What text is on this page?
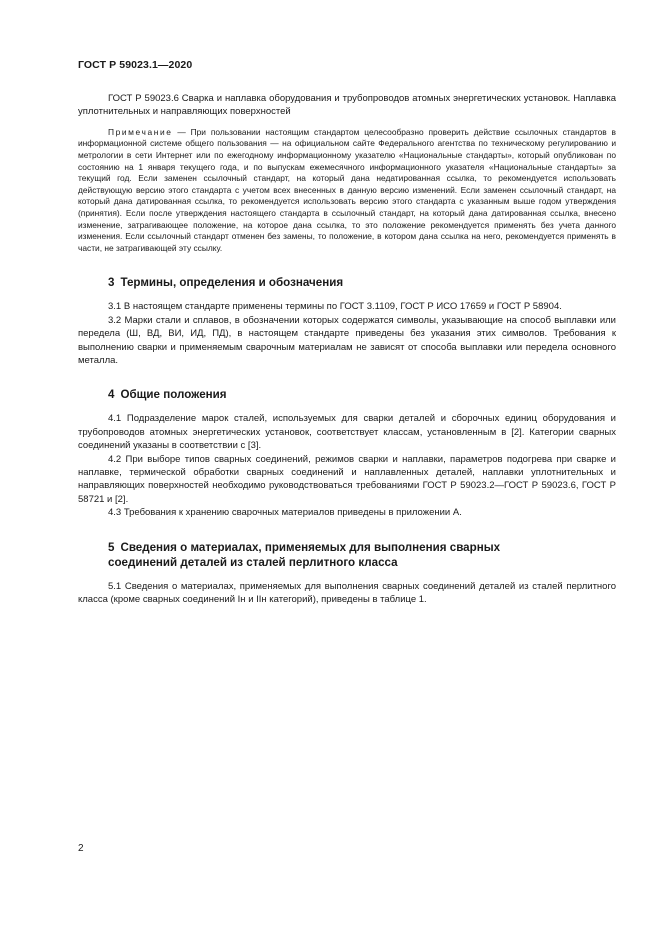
ГОСТ Р 59023.1—2020

ГОСТ Р 59023.6 Сварка и наплавка оборудования и трубопроводов атомных энергетических установок. Наплавка уплотнительных и направляющих поверхностей

Примечание — При пользовании настоящим стандартом целесообразно проверить действие ссылочных стандартов в информационной системе общего пользования — на официальном сайте Федерального агентства по техническому регулированию и метрологии в сети Интернет или по ежегодному информационному указателю «Национальные стандарты», который опубликован по состоянию на 1 января текущего года, и по выпускам ежемесячного информационного указателя «Национальные стандарты» за текущий год. Если заменен ссылочный стандарт, на который дана недатированная ссылка, то рекомендуется использовать действующую версию этого стандарта с учетом всех внесенных в данную версию изменений. Если заменен ссылочный стандарт, на который дана датированная ссылка, то рекомендуется использовать версию этого стандарта с указанным выше годом утверждения (принятия). Если после утверждения настоящего стандарта в ссылочный стандарт, на который дана датированная ссылка, внесено изменение, затрагивающее положение, на которое дана ссылка, то это положение рекомендуется применять без учета данного изменения. Если ссылочный стандарт отменен без замены, то положение, в котором дана ссылка на него, рекомендуется применять в части, не затрагивающей эту ссылку.

3 Термины, определения и обозначения

3.1 В настоящем стандарте применены термины по ГОСТ 3.1109, ГОСТ Р ИСО 17659 и ГОСТ Р 58904.

3.2 Марки стали и сплавов, в обозначении которых содержатся символы, указывающие на способ выплавки или передела (Ш, ВД, ВИ, ИД, ПД), в настоящем стандарте приведены без указания этих символов. Требования к выполнению сварки и применяемым сварочным материалам не зависят от способа выплавки или передела основного металла.

4 Общие положения

4.1 Подразделение марок сталей, используемых для сварки деталей и сборочных единиц оборудования и трубопроводов атомных энергетических установок, соответствует классам, установленным в [2]. Категории сварных соединений указаны в соответствии с [3].

4.2 При выборе типов сварных соединений, режимов сварки и наплавки, параметров подогрева при сварке и наплавке, термической обработки сварных соединений и наплавленных деталей, наплавки уплотнительных и направляющих поверхностей необходимо руководствоваться требованиями ГОСТ Р 59023.2—ГОСТ Р 59023.6, ГОСТ Р 58721 и [2].

4.3 Требования к хранению сварочных материалов приведены в приложении А.

5 Сведения о материалах, применяемых для выполнения сварных
соединений деталей из сталей перлитного класса

5.1 Сведения о материалах, применяемых для выполнения сварных соединений деталей из сталей перлитного класса (кроме сварных соединений Iн и IIн категорий), приведены в таблице 1.

2
